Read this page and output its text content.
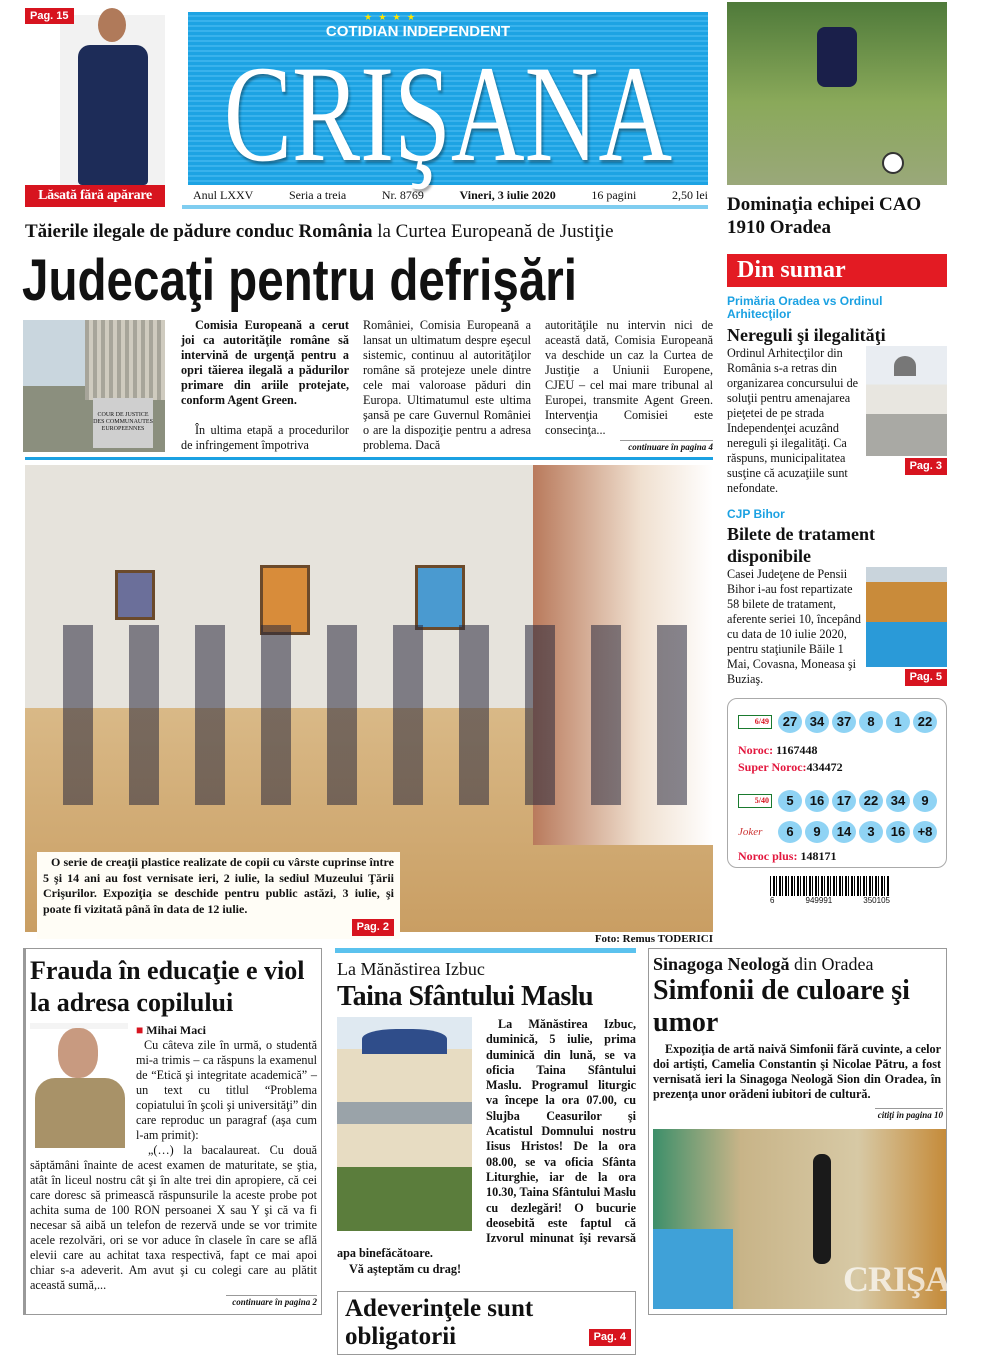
Pag. 15
Lăsată fără apărare
★ ★ ★ ★
COTIDIAN INDEPENDENT
CRIŞANA
Anul LXXV	Seria a treia	Nr. 8769	Vineri, 3 iulie 2020	16 pagini	2,50 lei Dominaţia echipei CAO 1910 Oradea
Tăierile ilegale de pădure conduc România la Curtea Europeană de Justiţie
Judecaţi pentru defrişări
COUR DE JUSTICE DES COMMUNAUTES EUROPEENNES
Comisia Europeană a cerut joi ca autorităţile române să intervină de urgenţă pentru a opri tăierea ilegală a pădurilor primare din ariile protejate, conform Agent Green.
În ultima etapă a procedurilor de infringement împotriva
României, Comisia Europeană a lansat un ultimatum despre eşecul sistemic, continuu al autorităţilor române să protejeze unele dintre cele mai valoroase păduri din Europa. Ultimatumul este ultima şansă pe care Guvernul României o are la dispoziţie pentru a adresa problema. Dacă
autorităţile nu intervin nici de această dată, Comisia Europeană va deschide un caz la Curtea de Justiţie a Uniunii Europene, CJEU – cel mai mare tribunal al Europei, transmite Agent Green. Intervenţia Comisiei este consecinţa...
continuare în pagina 4
O serie de creaţii plastice realizate de copii cu vârste cuprinse între 5 şi 14 ani au fost vernisate ieri, 2 iulie, la sediul Muzeului Ţării Crişurilor. Expoziţia se deschide pentru public astăzi, 3 iulie, şi poate fi vizitată până în data de 12 iulie.
Pag. 2
Foto: Remus TODERICI
Din sumar
Primăria Oradea vs Ordinul Arhitecţilor
Nereguli şi ilegalităţi
Pag. 3
Ordinul Arhitecţilor din România s-a retras din organizarea concursului de soluţii pentru amenajarea pieţetei de pe strada Independenţei acuzând nereguli şi ilegalităţi. Ca răspuns, municipalitatea susţine că acuzaţiile sunt nefondate.
CJP Bihor
Bilete de tratament disponibile
Pag. 5
Casei Judeţene de Pensii Bihor i-au fost repartizate 58 bilete de tratament, aferente seriei 10, începând cu data de 10 iulie 2020, pentru staţiunile Băile 1 Mai, Covasna, Moneasa şi Buziaş.
6/49	27 34 37 8 1 22
Noroc: 1167448
Super Noroc:434472
5/40	5 16 17 22 34 9
Joker	6 9 14 3 16 +8
Noroc plus: 148171
6	949991	350105
Frauda în educaţie e viol la adresa copilului
■ Mihai Maci
Cu câteva zile în urmă, o studentă mi-a trimis – ca răspuns la examenul de “Etică şi integritate academică” – un text cu titlul “Problema copiatului în şcoli şi universităţi” din care reproduc un paragraf (aşa cum l-am primit):
„(…) la bacalaureat. Cu două săptămâni înainte de acest examen de maturitate, se ştia, atât în liceul nostru cât şi în alte trei din apropiere, că cei care doresc să primească răspunsurile la aceste probe pot achita suma de 100 RON persoanei X sau Y şi că va fi necesar să aibă un telefon de rezervă unde se vor trimite acele rezolvări, ori se vor aduce în clasele în care se află elevii care au achitat taxa respectivă, fapt ce mai apoi chiar s-a adeverit. Am avut şi cu colegi care au plătit această sumă,...
continuare în pagina 2
La Mănăstirea Izbuc
Taina Sfântului Maslu
La Mănăstirea Izbuc, duminică, 5 iulie, prima duminică din lună, se va oficia Taina Sfântului Maslu. Programul liturgic va începe la ora 07.00, cu Slujba Ceasurilor şi Acatistul Domnului nostru Iisus Hristos! De la ora 08.00, se va oficia Sfânta Liturghie, iar de la ora 10.30, Taina Sfântului Maslu cu dezlegări! O bucurie deosebită este faptul că Izvorul minunat îşi revarsă apa binefăcătoare.
Vă aşteptăm cu drag!
Adeverinţele sunt obligatorii	Pag. 4
Sinagoga Neologă din Oradea
Simfonii de culoare şi umor
Expoziţia de artă naivă Simfonii fără cuvinte, a celor doi artişti, Camelia Constantin şi Nicolae Pătru, a fost vernisată ieri la Sinagoga Neologă Sion din Oradea, în prezenţa unor orădeni iubitori de cultură.
citiţi în pagina 10
CRIŞANA
